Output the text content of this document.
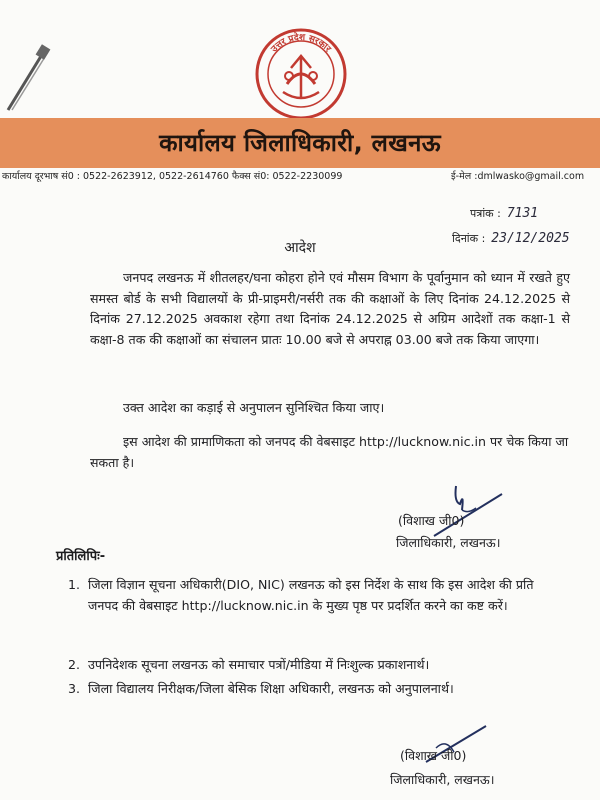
उत्तर प्रदेश सरकार
कार्यालय जिलाधिकारी, लखनऊ
कार्यालय दूरभाष सं0 : 0522-2623912, 0522-2614760 फैक्स सं0: 0522-2230099	ई-मेल :dmlwasko@gmail.com
पत्रांक : 7131
दिनांक : 23/12/2025
आदेश
जनपद लखनऊ में शीतलहर/घना कोहरा होने एवं मौसम विभाग के पूर्वानुमान को ध्यान में रखते हुए समस्त बोर्ड के सभी विद्यालयों के प्री-प्राइमरी/नर्सरी तक की कक्षाओं के लिए दिनांक 24.12.2025 से दिनांक 27.12.2025 अवकाश रहेगा तथा दिनांक 24.12.2025 से अग्रिम आदेशों तक कक्षा-1 से कक्षा-8 तक की कक्षाओं का संचालन प्रातः 10.00 बजे से अपराह्न 03.00 बजे तक किया जाएगा।
उक्त आदेश का कड़ाई से अनुपालन सुनिश्चित किया जाए।
इस आदेश की प्रामाणिकता को जनपद की वेबसाइट http://lucknow.nic.in पर चेक किया जा सकता है।
(विशाख जी0)
जिलाधिकारी, लखनऊ।
प्रतिलिपिः-
1. जिला विज्ञान सूचना अधिकारी(DIO, NIC) लखनऊ को इस निर्देश के साथ कि इस आदेश की प्रति जनपद की वेबसाइट http://lucknow.nic.in के मुख्य पृष्ठ पर प्रदर्शित करने का कष्ट करें।
2. उपनिदेशक सूचना लखनऊ को समाचार पत्रों/मीडिया में निःशुल्क प्रकाशनार्थ।
3. जिला विद्यालय निरीक्षक/जिला बेसिक शिक्षा अधिकारी, लखनऊ को अनुपालनार्थ।
(विशाख जी0)
जिलाधिकारी, लखनऊ।
